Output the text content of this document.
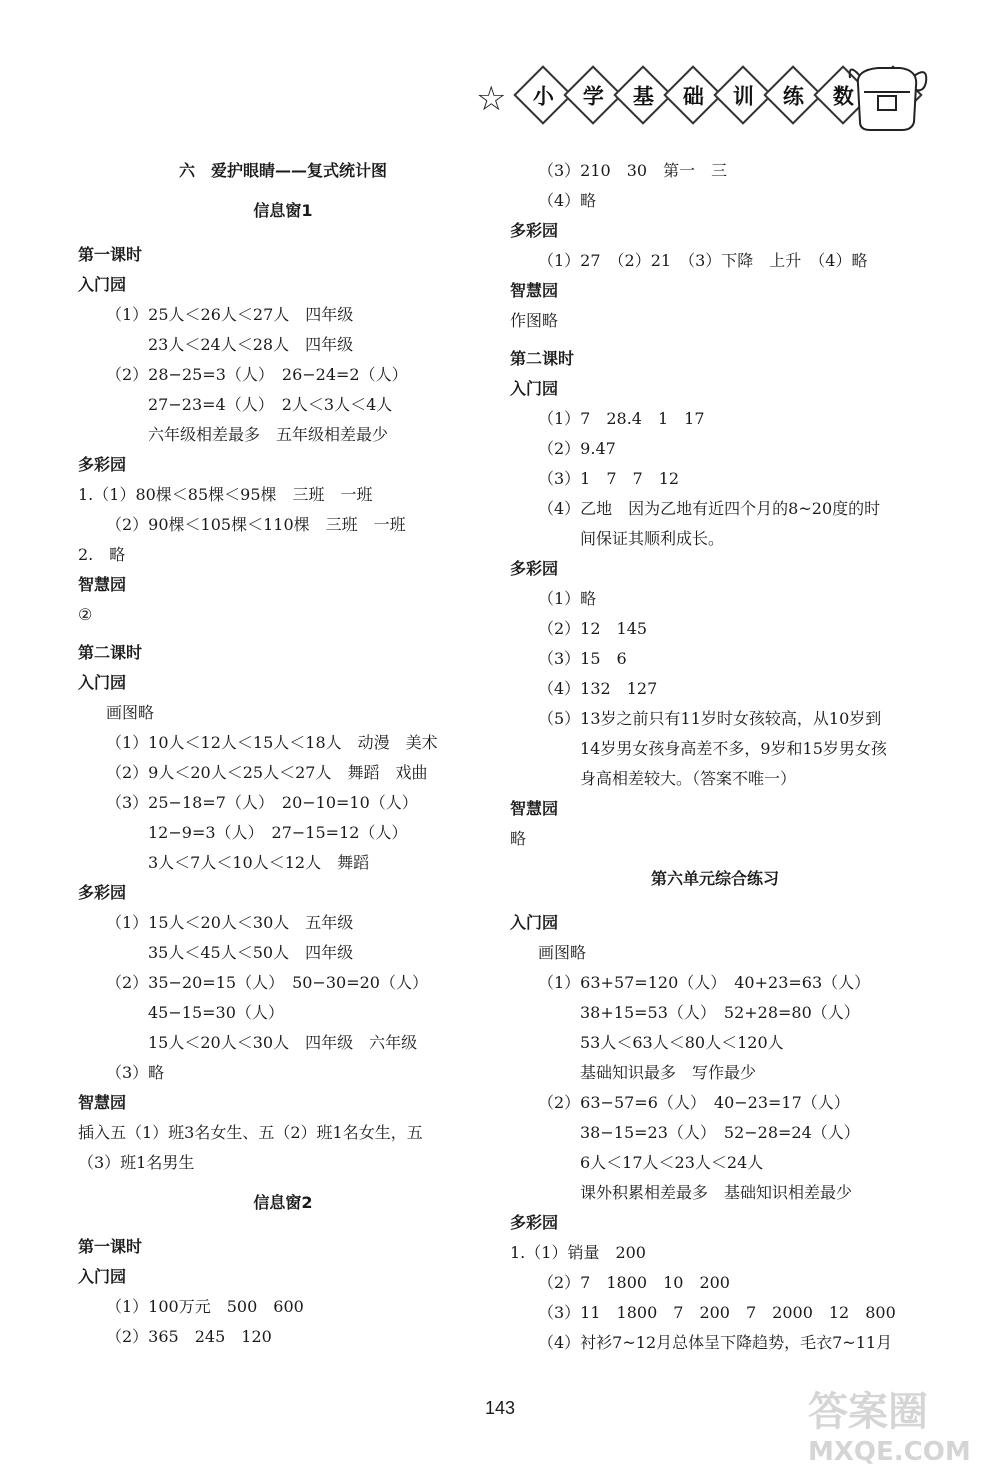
☆ 小 学 基 础 训 练 数
六　爱护眼睛——复式统计图
信息窗1
第一课时
入门园
（1）25人＜26人＜27人　四年级
23人＜24人＜28人　四年级
（2）28−25=3（人）　26−24=2（人）
27−23=4（人）　2人＜3人＜4人
六年级相差最多　五年级相差最少
多彩园
1.（1）80棵＜85棵＜95棵　三班　一班
（2）90棵＜105棵＜110棵　三班　一班
2.　略
智慧园
②
第二课时
入门园
画图略
（1）10人＜12人＜15人＜18人　动漫　美术
（2）9人＜20人＜25人＜27人　舞蹈　戏曲
（3）25−18=7（人）　20−10=10（人）
12−9=3（人）　27−15=12（人）
3人＜7人＜10人＜12人　舞蹈
多彩园
（1）15人＜20人＜30人　五年级
35人＜45人＜50人　四年级
（2）35−20=15（人）　50−30=20（人）
45−15=30（人）
15人＜20人＜30人　四年级　六年级
（3）略
智慧园
插入五（1）班3名女生、五（2）班1名女生，五
（3）班1名男生
信息窗2
第一课时
入门园
（1）100万元　500　600
（2）365　245　120
（3）210　30　第一　三
（4）略
多彩园
（1）27　（2）21　（3）下降　上升　（4）略
智慧园
作图略
第二课时
入门园
（1）7　28.4　1　17
（2）9.47
（3）1　7　7　12
（4）乙地　因为乙地有近四个月的8~20度的时
间保证其顺利成长。
多彩园
（1）略
（2）12　145
（3）15　6
（4）132　127
（5）13岁之前只有11岁时女孩较高，从10岁到
14岁男女孩身高差不多，9岁和15岁男女孩
身高相差较大。（答案不唯一）
智慧园
略
第六单元综合练习
入门园
画图略
（1）63+57=120（人）　40+23=63（人）
38+15=53（人）　52+28=80（人）
53人＜63人＜80人＜120人
基础知识最多　写作最少
（2）63−57=6（人）　40−23=17（人）
38−15=23（人）　52−28=24（人）
6人＜17人＜23人＜24人
课外积累相差最多　基础知识相差最少
多彩园
1.（1）销量　200
（2）7　1800　10　200
（3）11　1800　7　200　7　2000　12　800
（4）衬衫7~12月总体呈下降趋势，毛衣7~11月
143	答案圈
MXQE.COM
